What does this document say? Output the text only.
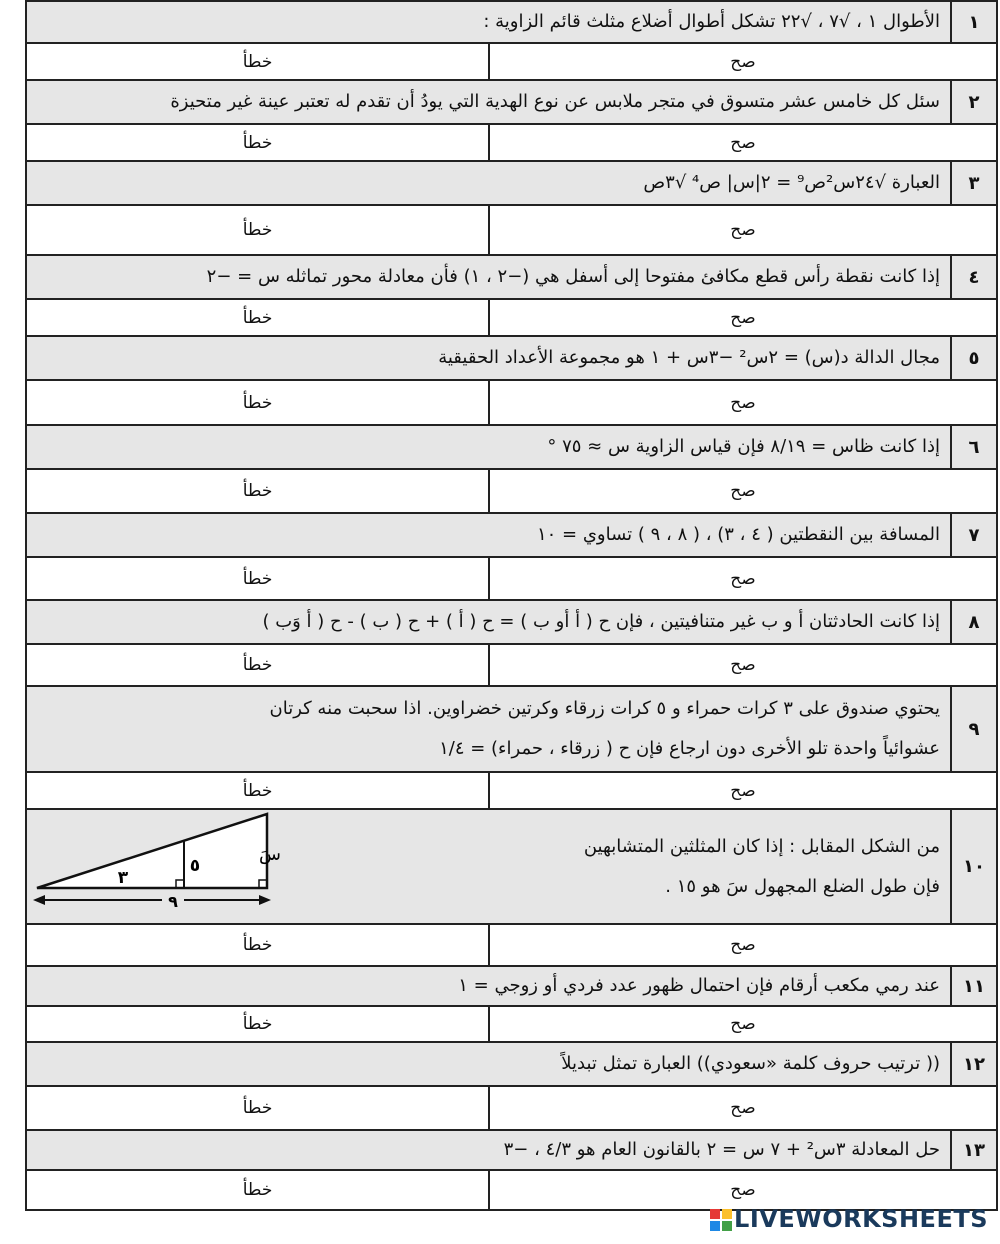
١
الأطوال ١ ، √٧ ، √٢٢ تشكل أطوال أضلاع مثلث قائم الزاوية :
صح
خطأ
٢
سئل كل خامس عشر متسوق في متجر ملابس عن نوع الهدية التي يودُ أن تقدم له تعتبر عينة غير متحيزة
صح
خطأ
٣
العبارة √٢٤س²ص⁹ = ٢|س| ص⁴ √٣ص
صح
خطأ
٤
إذا كانت نقطة رأس قطع مكافئ مفتوحا إلى أسفل هي (−٢ ، ١) فأن معادلة محور تماثله س = −٢
صح
خطأ
٥
مجال الدالة د(س) = ٢س² −٣س + ١ هو مجموعة الأعداد الحقيقية
صح
خطأ
٦
إذا كانت ظاس = ٨/١٩ فإن قياس الزاوية س ≈ ٧٥ °
صح
خطأ
٧
المسافة بين النقطتين ( ٤ ، ٣) ، ( ٨ ، ٩ ) تساوي = ١٠
صح
خطأ
٨
إذا كانت الحادثتان أ و ب غير متنافيتين ، فإن ح ( أ أو ب ) = ح ( أ ) + ح ( ب ) - ح ( أ وَب )
صح
خطأ
٩
يحتوي صندوق على ٣ كرات حمراء و ٥ كرات زرقاء وكرتين خضراوين. اذا سحبت منه كرتان
عشوائياً واحدة تلو الأخرى دون ارجاع فإن ح ( زرقاء ، حمراء) = ١/٤
صح
خطأ
١٠
من الشكل المقابل : إذا كان المثلثين المتشابهين
فإن طول الضلع المجهول سَ هو ١٥ .
٩
٣
٥
سَ
صح
خطأ
١١
عند رمي مكعب أرقام فإن احتمال ظهور عدد فردي أو زوجي = ١
صح
خطأ
١٢
(( ترتيب حروف كلمة «سعودي)) العبارة تمثل تبديلاً
صح
خطأ
١٣
حل المعادلة ٣س² + ٧ س = ٢ بالقانون العام هو ٤/٣ ، −٣
صح
خطأ
LIVEWORKSHEETS
